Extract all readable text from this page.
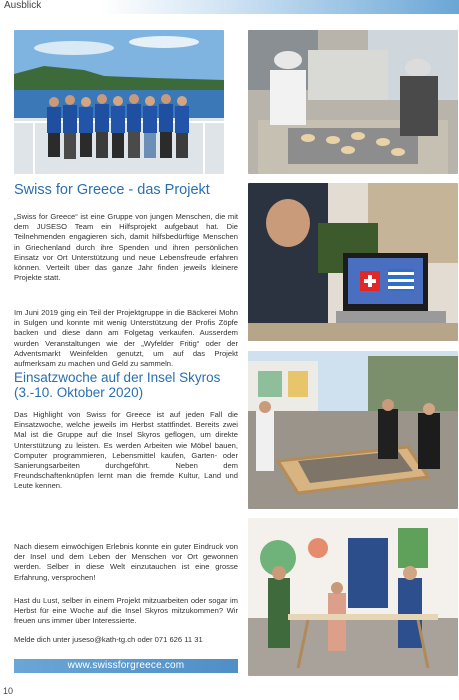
Ausblick
Swiss for Greece - das Projekt
„Swiss for Greece“ ist eine Gruppe von jungen Menschen, die mit dem JUSESO Team ein Hilfsprojekt aufgebaut hat. Die Teilnehmenden engagieren sich, damit hilfsbedürftige Menschen in Griechenland durch ihre Spenden und ihren persönlichen Einsatz vor Ort Unterstützung und neue Lebensfreude erfahren können. Verteilt über das ganze Jahr finden jeweils kleinere Projekte statt.
Im Juni 2019 ging ein Teil der Projektgruppe in die Bäckerei Mohn in Sulgen und konnte mit wenig Unterstützung der Profis Zöpfe backen und diese dann am Folgetag verkaufen. Ausserdem wurden Veranstaltungen wie der „Wyfelder Fritig“ oder der Adventsmarkt Weinfelden genutzt, um auf das Projekt aufmerksam zu machen und Geld zu sammeln.
Einsatzwoche auf der Insel Skyros (3.-10. Oktober 2020)
Das Highlight von Swiss for Greece ist auf jeden Fall die Einsatzwoche, welche jeweils im Herbst stattfindet. Bereits zwei Mal ist die Gruppe auf die Insel Skyros geflogen, um direkte Unterstützung zu leisten. Es werden Arbeiten wie Möbel bauen, Computer programmieren, Lebensmittel kaufen, Garten- oder Sanierungsarbeiten durchgeführt. Neben dem Freundschaftenknüpfen lernt man die fremde Kultur, Land und Leute kennen.
Nach diesem einwöchigen Erlebnis konnte ein guter Eindruck von der Insel und dem Leben der Menschen vor Ort gewonnen werden. Selber in diese Welt einzutauchen ist eine grosse Erfahrung, versprochen!
Hast du Lust, selber in einem Projekt mitzuarbeiten oder sogar im Herbst für eine Woche auf die Insel Skyros mitzukommen? Wir freuen uns immer über Interessierte.
Melde dich unter juseso@kath-tg.ch oder 071 626 11 31
www.swissforgreece.com
10
